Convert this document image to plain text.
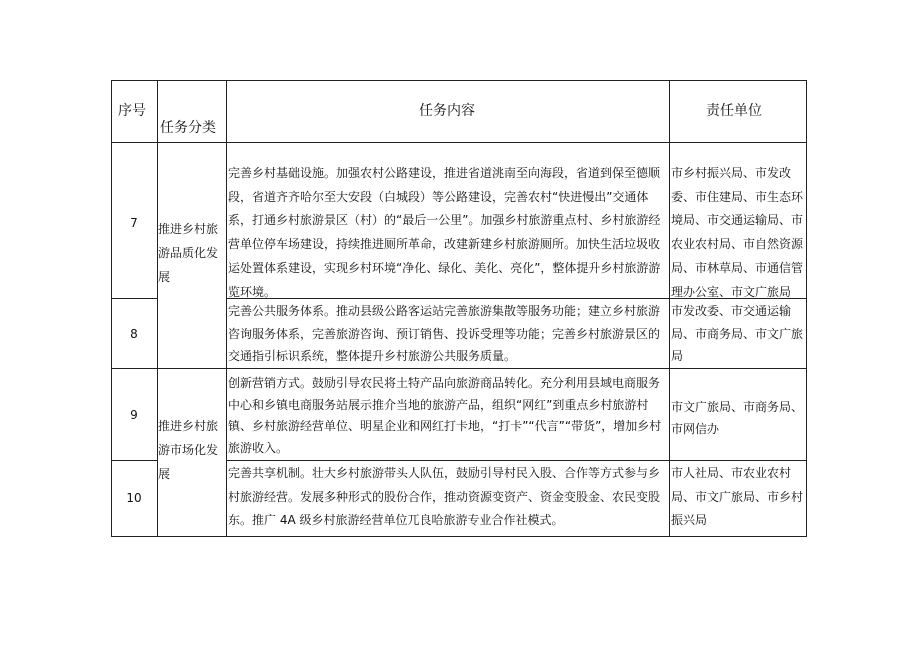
序号
任务分类
任务内容	责任单位
7
8
9
10
推进乡村旅游品质化发展
推进乡村旅游市场化发展
完善乡村基础设施。加强农村公路建设，推进省道洮南至向海段，省道到保至德顺段，省道齐齐哈尔至大安段（白城段）等公路建设，完善农村“快进慢出”交通体系，打通乡村旅游景区（村）的“最后一公里”。加强乡村旅游重点村、乡村旅游经营单位停车场建设，持续推进厕所革命，改建新建乡村旅游厕所。加快生活垃圾收运处置体系建设，实现乡村环境“净化、绿化、美化、亮化”，整体提升乡村旅游游览环境。
完善公共服务体系。推动县级公路客运站完善旅游集散等服务功能；建立乡村旅游咨询服务体系，完善旅游咨询、预订销售、投诉受理等功能；完善乡村旅游景区的交通指引标识系统，整体提升乡村旅游公共服务质量。
创新营销方式。鼓励引导农民将土特产品向旅游商品转化。充分利用县域电商服务中心和乡镇电商服务站展示推介当地的旅游产品，组织“网红”到重点乡村旅游村镇、乡村旅游经营单位、明星企业和网红打卡地，“打卡”“代言”“带货”，增加乡村旅游收入。
完善共享机制。壮大乡村旅游带头人队伍，鼓励引导村民入股、合作等方式参与乡村旅游经营。发展多种形式的股份合作，推动资源变资产、资金变股金、农民变股东。推广 4A 级乡村旅游经营单位兀良哈旅游专业合作社模式。
市乡村振兴局、市发改委、市住建局、市生态环境局、市交通运输局、市农业农村局、市自然资源局、市林草局、市通信管理办公室、市文广旅局
市发改委、市交通运输局、市商务局、市文广旅局
市文广旅局、市商务局、市网信办
市人社局、市农业农村局、市文广旅局、市乡村振兴局
